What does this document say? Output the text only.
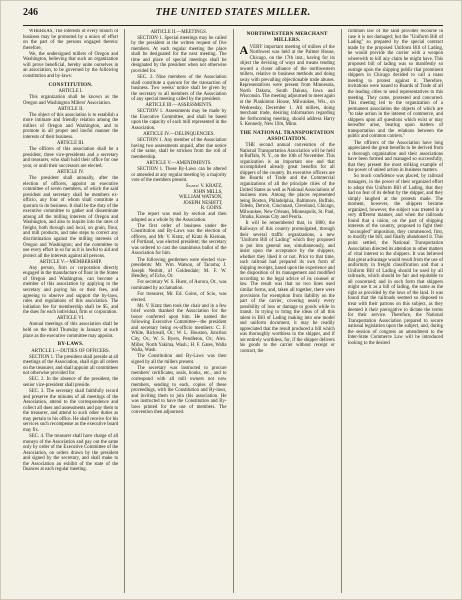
246	THE UNITED STATES MILLER.

WHEREAS, The interests of every branch of business may be promoted by a union of effort on the part of the persons engaged therein: therefore,

We, the undersigned millers of Oregon and Washington, believing that such an organization will prove beneficial, hereby unite ourselves in an association, to be governed by the following constitution and by-laws:

CONSTITUTION.
ARTICLE I.

This organization shall be known as the Oregon and Washington Millers' Association.

ARTICLE II.

The object of this association is to establish a more intimate and friendly relation among the millers of Oregon and Washington, and to promote in all proper and lawful manner the interests of their business.

ARTICLE III.

The officers of this association shall be a president, three vice-presidents and a secretary and treasurer, who shall hold their office for one year, or until their successors are elected.

ARTICLE IV.

The president shall annually, after the election of officers, appoint an executive committee of seven members, of which the said president and secretary shall be members ex-officio, any four of whom shall constitute a quorum to do business. It shall be the duty of the executive committee to gather and disseminate among all the milling interests of Oregon and Washington, and also to inquire into the rates of freight, both through and local, on grain, flour, and mill products, and take steps to correct any discrimination against the milling interests of Oregon and Washington; and the committee to use every effort in so far as it is lawful to aid and protect all the interests against all persons.

ARTICLE V.—MEMBERSHIP.

Any person, firm or corporation directly engaged in the manufacture of flour in the States of Oregon and Washington, can become a member of this association by applying to the secretary and paying his or their fees, and agreeing to observe and support the by-laws, rules and regulations of this association. The initiation fee for membership shall be $5, and the dues for each individual, firm or corporation.

ARTICLE VI.

Annual meetings of this association shall be held on the third Thursday in January at such place as the executive committee may appoint.

BY-LAWS.
ARTICLE I.—DUTIES OF OFFICERS.

SECTION 1. The president shall preside at all meetings of the Association, shall sign all orders on the treasurer, and shall appoint all committees not otherwise provided for.

SEC. 2. In the absence of the president, the senior vice-president shall preside.

SEC. 3. The secretary shall faithfully record and preserve the minutes of all meetings of the Association, attend to the correspondence and collect all dues and assessments and pay them to the treasurer, and attend to such other duties as may pertain to his office. He shall receive for his services such recompense as the executive board may fix.

SEC. 4. The treasurer shall have charge of all moneys of the Association and pay out the same only by order of the Executive Committee of the Association, on orders drawn by the president and signed by the secretary, and shall make to the Association an exhibit of the state of the finances at each regular meeting.

ARTICLE II.—MEETINGS.

SECTION 1. Special meetings may be called by the president at the written request of five members. At each regular meeting the place shall be designated for the next meeting. The time and place of special meetings shall be designated by the president when not otherwise provided for.

SEC. 2. Nine members of the Association shall constitute a quorum for the transaction of business. Two weeks' notice shall be given by the secretary to all members of the Association of any special meeting called by the president.

ARTICLE III.—ASSESSMENTS.

SECTION 1. Assessments may be made by the Executive Committee, and shall be based upon the capacity of each mill represented in the Association.

ARTICLE IV.—DELINQUENCIES.

SECTION 1. Any member of the Association having two assessments unpaid, after due notice of the same, shall be stricken from the roll of membership.

ARTICLE V.—AMENDMENTS.

SECTION 1. These By-Laws can be altered or amended at any regular meeting by a majority vote of the members present.

Signed: V. KRATZ,

JOHN MILLS,

WILLIAM WATSON,

JOSEPH NESBITT,

R. GOINS.

The report was read by section and then adopted as a whole by the Association.

The first order of business under the Constitution and By-Laws was the election of officers, and Mr. V. Kratz, of Kratz & Kiernan, of Portland, was elected president; the secretary was ordered to cast the unanimous ballot of the Association for him.

The following gentlemen were elected vice-presidents: Mr. Wm. Watson, of Tacoma; J. Joseph Nesbitt, of Goldendale; M. F. W. Hendley, of Echo, Or.

For secretary W. S. Hurst, of Aurora, Or., was nominated by acclamation.

For treasurer, Mr. Ed. Goins, of Scio, was elected.

Mr. V. Kratz then took the chair and in a few brief words thanked the Association for the honor conferred upon him. He named the following Executive Committee—the president and secretary being ex-officio members: C. F. White, Rickreall, Or.; W. L. Houston, Junction City, Or.; W. S. Byers, Pendleton, Or.; Alex. Miller, North Yakima, Wash.; H. F. Gates, Walla Walla, Wash.

The Constitution and By-Laws was then signed by all the millers present.

The secretary was instructed to procure members' certificates, seals, books, etc., and to correspond with all mill owners not now members, sending to each, copies of these proceedings, with the Constitution and By-laws, and inviting them to join this association. He was instructed to have the Constitution and By-laws printed for the use of members. The convention then adjourned.

NORTHWESTERN MERCHANT MILLERS.

AVERY important meeting of millers of the Northwest was held at the Palmer House, Chicago, on the 17th inst., having for its object the devising of ways and means tending toward a closer alliance of the northwestern millers, relative to business methods and doing away with prevailing objectionable trade abuses. Representatives were present from Minnesota, North Dakota, South Dakota, Iowa and Wisconsin. The meeting adjourned to meet again at the Plankinton House, Milwaukee, Wis., on Wednesday, December 1. All millers, doing merchant trade, desiring information regarding the forthcoming meeting, should address Harry S. Kennedy, New Ulm, Minn.

THE NATIONAL TRANSPORTATION ASSOCIATION.

THE second annual convention of the National Transportation Association will be held at Buffalo, N. Y., on the 10th of November. This organization is an important one and that accomplished already great benefits for all shippers of the country. Its executive officers are the Boards of Trade and the Commercial organizations of all the principle cities of the United States as well as National Associations of business men. Among the places represented being Boston, Philadelphia, Baltimore, Buffalo, Toledo, Detroit, Cincinnati, Cleveland, Chicago, Milwaukee, New Orleans, Minneapolis, St. Paul, Omaha, Kansas City and Peoria.

It will be remembered that, in 1880, the Railways of this country promulgated, through their several traffic organizations, a new "Uniform Bill of Lading" which they proposed to put into general use, simultaneously, and insist upon the acceptance by the shippers, whether they liked it or not. Prior to that time, each railroad had prepared its own form of shipping receipts, based upon the experience and the disposition of its management and modified according to the legal advice of its counsel or law. The result was that no two lines used similar forms, and, taken all together, there were provisions for exemption from liability on the part of the carrier, covering nearly every possibility of loss or damage to goods while in transit. In trying to bring the ideas of all this talent in Bill of Lading making into one model and uniform document, it may be readily appreciated that the result produced a bill which was thoroughly worthless to the shipper, and if not entirely worthless, for, if the shipper delivers his goods to the carrier without receipt or contract, the

common law of the land provides recourse in case it is not damaged; but the "Uniform Bill of Lading" so prepared by the special contract made by the proposed Uniform Bill of Lading, he would provide the carrier with a weapon wherewith to kill any claim he might have. This proposed bill of lading was so manifestly so outrage upon the shipping public that prominent shippers in Chicago decided to call a mass meeting to protest against it. Therefore, invitations were issued to Boards of Trade of all the leading cities to send representatives to this meeting. They came, protested and concurred. This meeting led to the organization of a permanent association the objects of which are "to take action in the interest of commerce, and shippers upon all questions which exist or may hereafter arise, bearing upon matters of transportation and the relations between the public and common carriers."

The officers of the Association have long appreciated the great benefits to be derived from a thorough organization and their associations have been formed and managed so successfully, that they present the most striking example of the power of united action in business matters.

So much confidence was placed, by railroad managers, in the power of their organized effort to adopt this Uniform Bill of Lading, that they had no fear of its defeat by the shipper, and they simply laughed at the protests made. The moment, however, the shippers became organized, however, the subject was treated in a very different manner, and when the railroads found that a union, on the part of shipping interests of the country, proposed to fight their "uncoupled" imposition, they commenced, first, to modify the bill, and finally abandoned it. This point settled, the National Transportation Association directed its attention to other matters of vital interest to the shippers. It was believed that great advantage would result from the use of uniformity in freight classification and that a Uniform Bill of Lading should be used by all railroads, which should be fair and equitable to all concerned; and in such form that shippers might use it as a bill of lading, the same as the right as provided by the laws of the land. It was found that the railroads seemed so disposed to treat with their patrons on this subject, as they deemed it their prerogative to dictate the terms for their service. Therefore, the National Transportation Association prepared to secure national legislation upon the subject, and, during the session of congress an amendment to the Inter-State Commerce Law will be introduced looking to the desired
